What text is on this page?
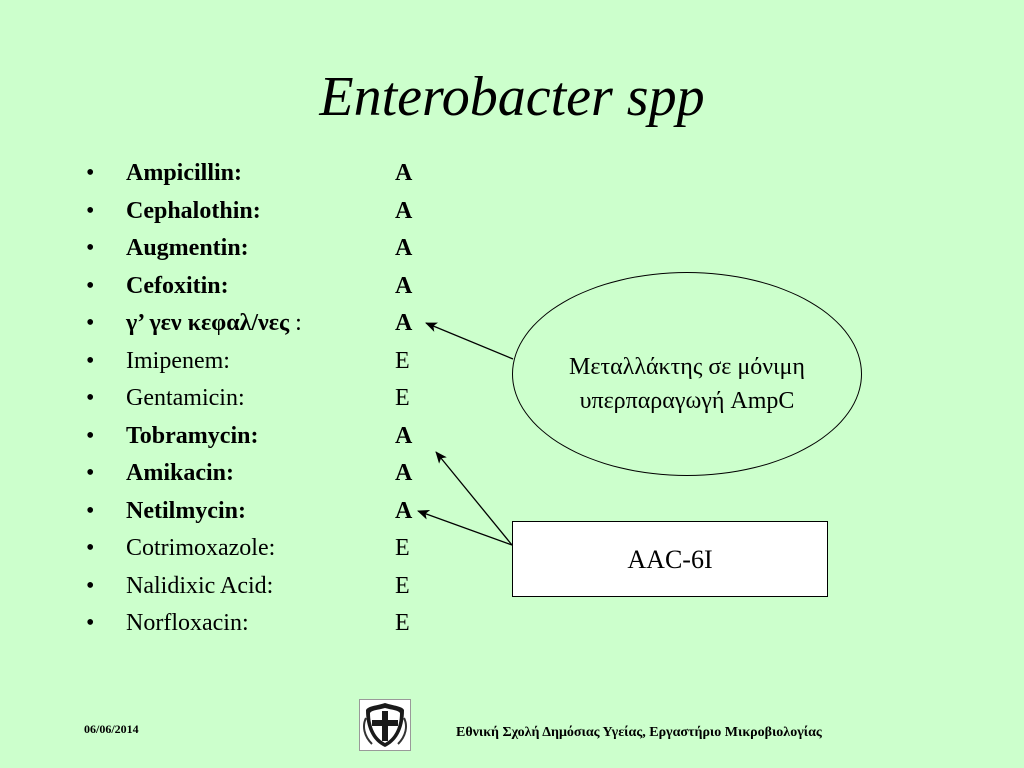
Enterobacter spp
• Ampicillin:	A
• Cephalothin:	A
• Augmentin:	A
• Cefoxitin:	A
• γ’ γεν κεφαλ/νες :	A
• Imipenem:	E
• Gentamicin:	E
• Tobramycin:	A
• Amikacin:	A
• Netilmycin:	A
• Cotrimoxazole:	E
• Nalidixic Acid:	E
• Norfloxacin:	E
Μεταλλάκτης σε μόνιμη
υπερπαραγωγή AmpC
AAC-6I
06/06/2014	Εθνική Σχολή Δημόσιας Υγείας, Εργαστήριο Μικροβιολογίας
